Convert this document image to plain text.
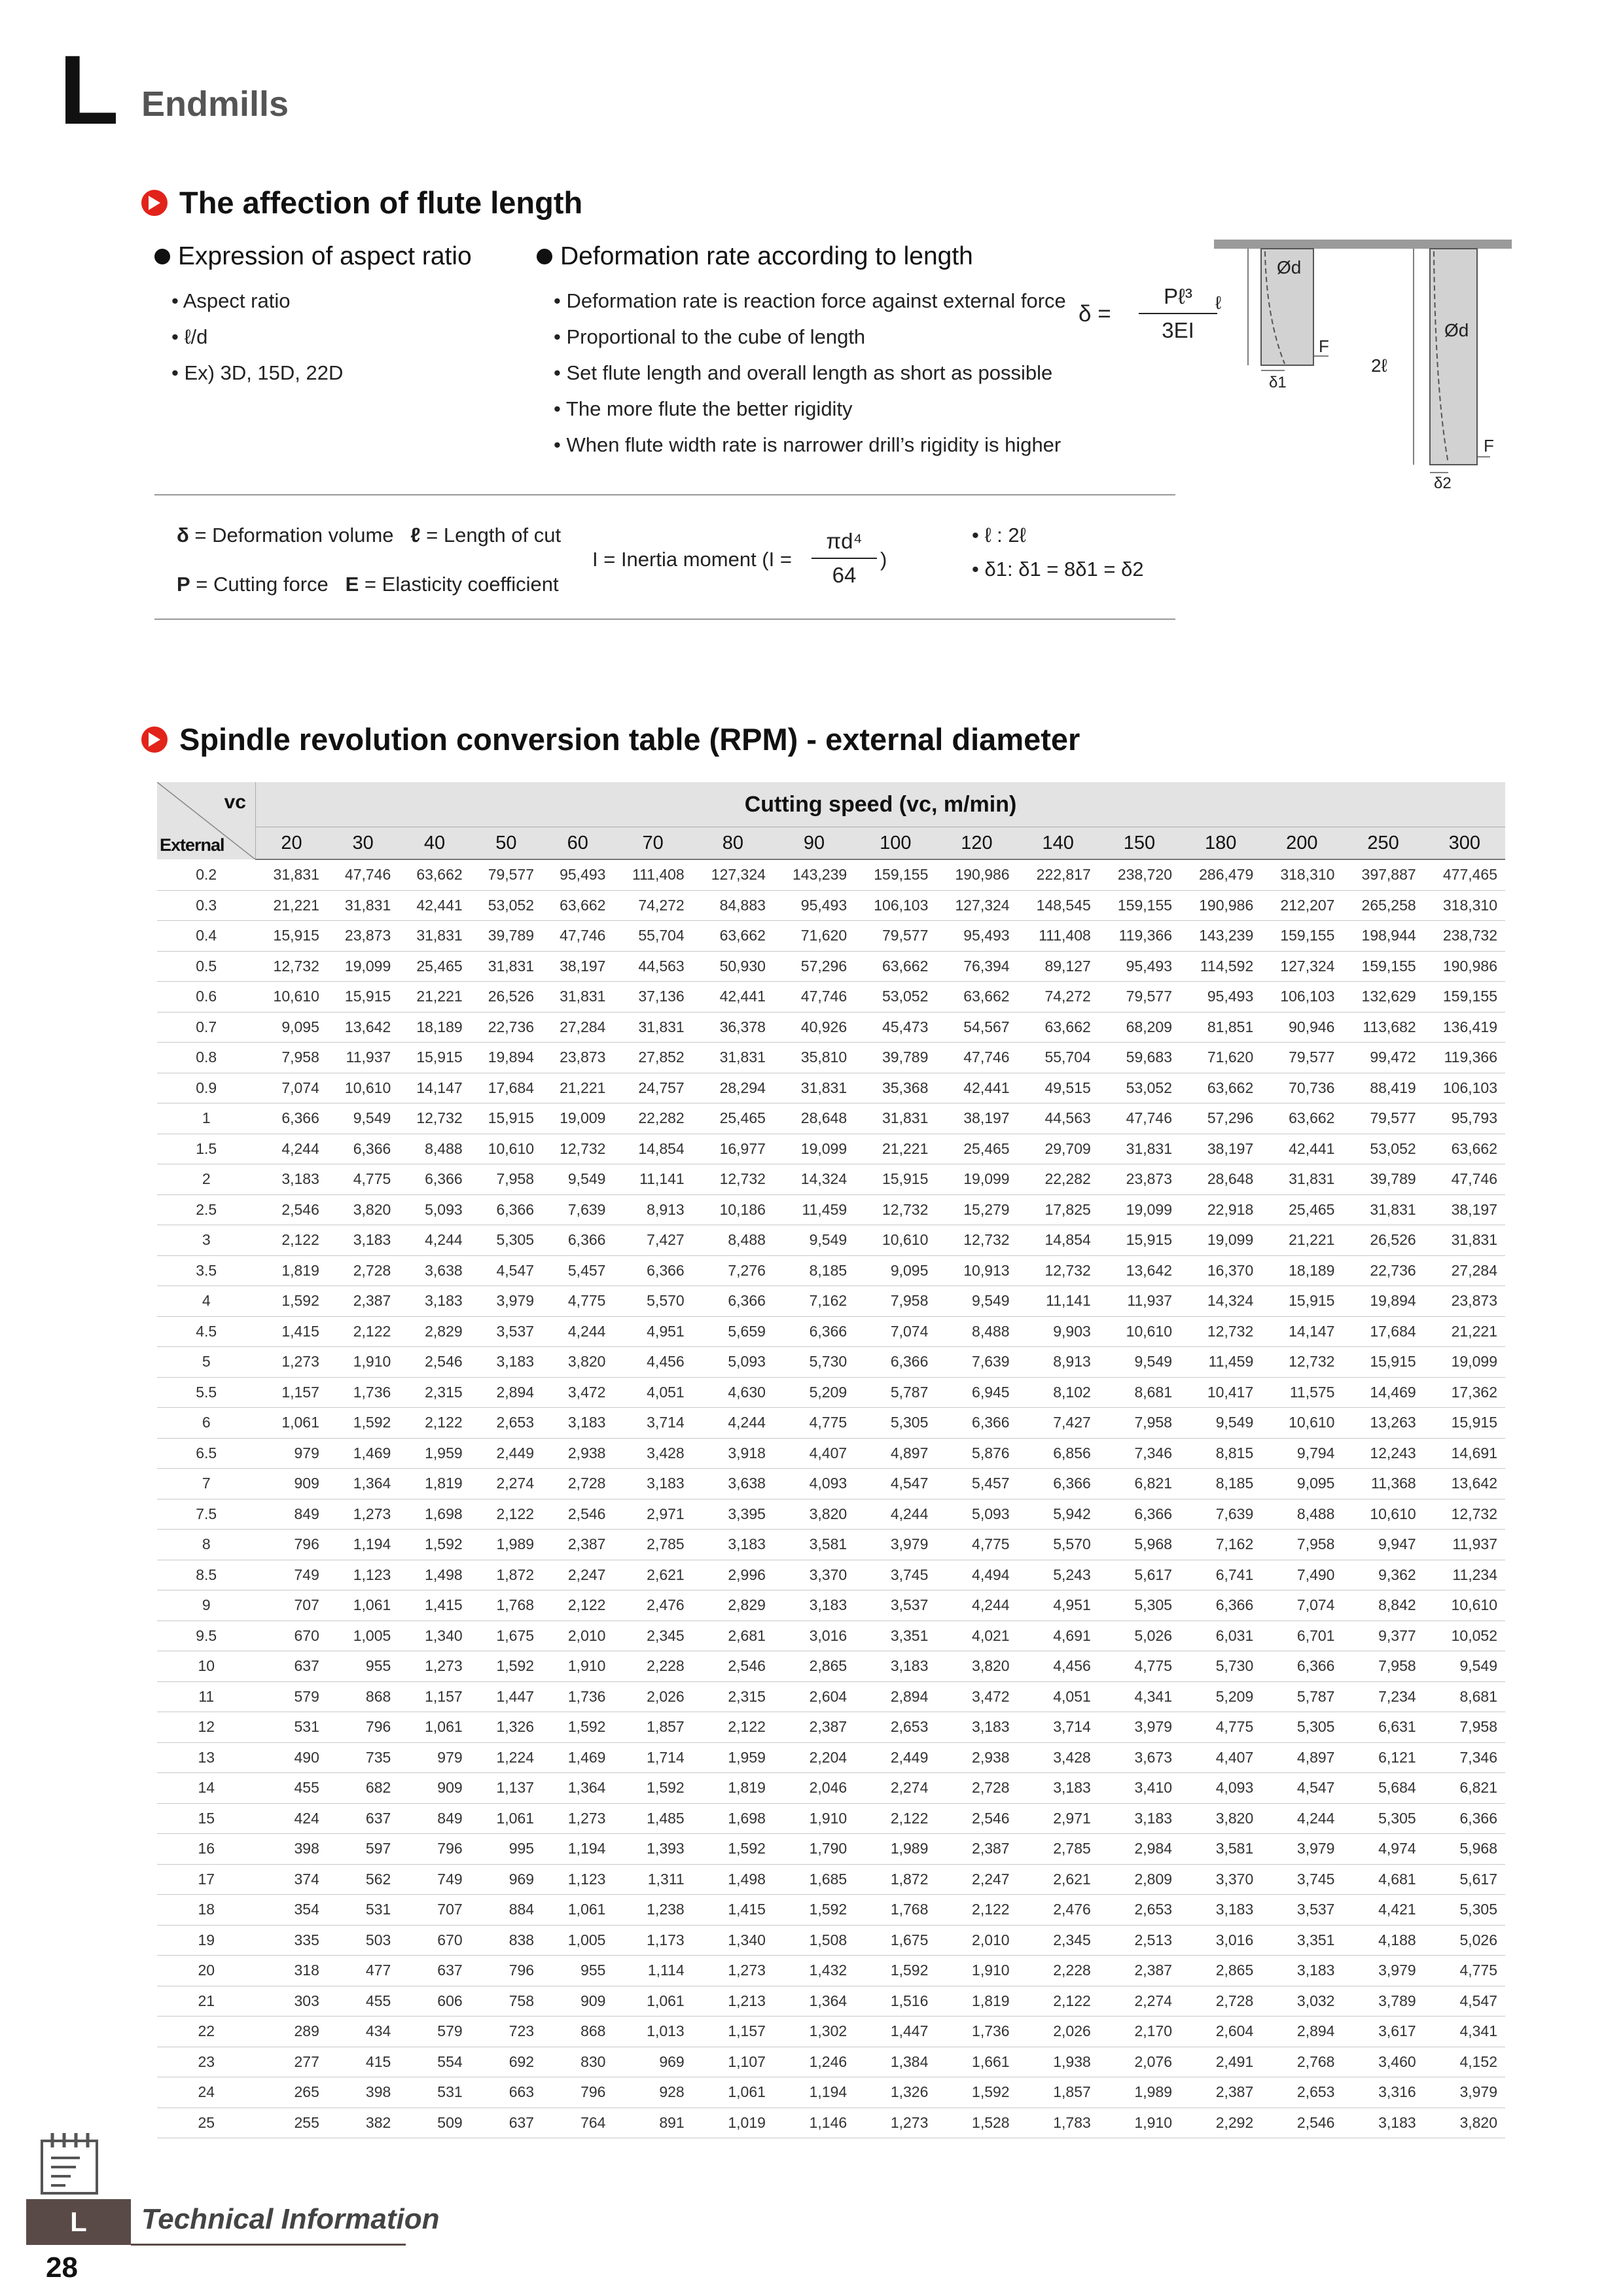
L Endmills
The affection of flute length
Expression of aspect ratio
• Aspect ratio
• ℓ/d
• Ex) 3D, 15D, 22D
Deformation rate according to length
• Deformation rate is reaction force against external force
• Proportional to the cube of length
• Set flute length and overall length as short as possible
• The more flute the better rigidity
• When flute width rate is narrower drill’s rigidity is higher
δ =
Pℓ³
3EI
Ød
Ød
ℓ
2ℓ
F
F
δ1
δ2
δ = Deformation volume ℓ = Length of cut
P = Cutting force E = Elasticity coefficient
I = Inertia moment (I =
πd⁴
64
)
• ℓ : 2ℓ
• δ1: δ1 = 8δ1 = δ2
Spindle revolution conversion table (RPM) - external diameter
vc
External	Cutting speed (vc, m/min)															
	20	30	40	50	60	70	80	90	100	120	140	150	180	200	250	300
0.2	31,831	47,746	63,662	79,577	95,493	111,408	127,324	143,239	159,155	190,986	222,817	238,720	286,479	318,310	397,887	477,465
0.3	21,221	31,831	42,441	53,052	63,662	74,272	84,883	95,493	106,103	127,324	148,545	159,155	190,986	212,207	265,258	318,310
0.4	15,915	23,873	31,831	39,789	47,746	55,704	63,662	71,620	79,577	95,493	111,408	119,366	143,239	159,155	198,944	238,732
0.5	12,732	19,099	25,465	31,831	38,197	44,563	50,930	57,296	63,662	76,394	89,127	95,493	114,592	127,324	159,155	190,986
0.6	10,610	15,915	21,221	26,526	31,831	37,136	42,441	47,746	53,052	63,662	74,272	79,577	95,493	106,103	132,629	159,155
0.7	9,095	13,642	18,189	22,736	27,284	31,831	36,378	40,926	45,473	54,567	63,662	68,209	81,851	90,946	113,682	136,419
0.8	7,958	11,937	15,915	19,894	23,873	27,852	31,831	35,810	39,789	47,746	55,704	59,683	71,620	79,577	99,472	119,366
0.9	7,074	10,610	14,147	17,684	21,221	24,757	28,294	31,831	35,368	42,441	49,515	53,052	63,662	70,736	88,419	106,103
1	6,366	9,549	12,732	15,915	19,009	22,282	25,465	28,648	31,831	38,197	44,563	47,746	57,296	63,662	79,577	95,793
1.5	4,244	6,366	8,488	10,610	12,732	14,854	16,977	19,099	21,221	25,465	29,709	31,831	38,197	42,441	53,052	63,662
2	3,183	4,775	6,366	7,958	9,549	11,141	12,732	14,324	15,915	19,099	22,282	23,873	28,648	31,831	39,789	47,746
2.5	2,546	3,820	5,093	6,366	7,639	8,913	10,186	11,459	12,732	15,279	17,825	19,099	22,918	25,465	31,831	38,197
3	2,122	3,183	4,244	5,305	6,366	7,427	8,488	9,549	10,610	12,732	14,854	15,915	19,099	21,221	26,526	31,831
3.5	1,819	2,728	3,638	4,547	5,457	6,366	7,276	8,185	9,095	10,913	12,732	13,642	16,370	18,189	22,736	27,284
4	1,592	2,387	3,183	3,979	4,775	5,570	6,366	7,162	7,958	9,549	11,141	11,937	14,324	15,915	19,894	23,873
4.5	1,415	2,122	2,829	3,537	4,244	4,951	5,659	6,366	7,074	8,488	9,903	10,610	12,732	14,147	17,684	21,221
5	1,273	1,910	2,546	3,183	3,820	4,456	5,093	5,730	6,366	7,639	8,913	9,549	11,459	12,732	15,915	19,099
5.5	1,157	1,736	2,315	2,894	3,472	4,051	4,630	5,209	5,787	6,945	8,102	8,681	10,417	11,575	14,469	17,362
6	1,061	1,592	2,122	2,653	3,183	3,714	4,244	4,775	5,305	6,366	7,427	7,958	9,549	10,610	13,263	15,915
6.5	979	1,469	1,959	2,449	2,938	3,428	3,918	4,407	4,897	5,876	6,856	7,346	8,815	9,794	12,243	14,691
7	909	1,364	1,819	2,274	2,728	3,183	3,638	4,093	4,547	5,457	6,366	6,821	8,185	9,095	11,368	13,642
7.5	849	1,273	1,698	2,122	2,546	2,971	3,395	3,820	4,244	5,093	5,942	6,366	7,639	8,488	10,610	12,732
8	796	1,194	1,592	1,989	2,387	2,785	3,183	3,581	3,979	4,775	5,570	5,968	7,162	7,958	9,947	11,937
8.5	749	1,123	1,498	1,872	2,247	2,621	2,996	3,370	3,745	4,494	5,243	5,617	6,741	7,490	9,362	11,234
9	707	1,061	1,415	1,768	2,122	2,476	2,829	3,183	3,537	4,244	4,951	5,305	6,366	7,074	8,842	10,610
9.5	670	1,005	1,340	1,675	2,010	2,345	2,681	3,016	3,351	4,021	4,691	5,026	6,031	6,701	9,377	10,052
10	637	955	1,273	1,592	1,910	2,228	2,546	2,865	3,183	3,820	4,456	4,775	5,730	6,366	7,958	9,549
11	579	868	1,157	1,447	1,736	2,026	2,315	2,604	2,894	3,472	4,051	4,341	5,209	5,787	7,234	8,681
12	531	796	1,061	1,326	1,592	1,857	2,122	2,387	2,653	3,183	3,714	3,979	4,775	5,305	6,631	7,958
13	490	735	979	1,224	1,469	1,714	1,959	2,204	2,449	2,938	3,428	3,673	4,407	4,897	6,121	7,346
14	455	682	909	1,137	1,364	1,592	1,819	2,046	2,274	2,728	3,183	3,410	4,093	4,547	5,684	6,821
15	424	637	849	1,061	1,273	1,485	1,698	1,910	2,122	2,546	2,971	3,183	3,820	4,244	5,305	6,366
16	398	597	796	995	1,194	1,393	1,592	1,790	1,989	2,387	2,785	2,984	3,581	3,979	4,974	5,968
17	374	562	749	969	1,123	1,311	1,498	1,685	1,872	2,247	2,621	2,809	3,370	3,745	4,681	5,617
18	354	531	707	884	1,061	1,238	1,415	1,592	1,768	2,122	2,476	2,653	3,183	3,537	4,421	5,305
19	335	503	670	838	1,005	1,173	1,340	1,508	1,675	2,010	2,345	2,513	3,016	3,351	4,188	5,026
20	318	477	637	796	955	1,114	1,273	1,432	1,592	1,910	2,228	2,387	2,865	3,183	3,979	4,775
21	303	455	606	758	909	1,061	1,213	1,364	1,516	1,819	2,122	2,274	2,728	3,032	3,789	4,547
22	289	434	579	723	868	1,013	1,157	1,302	1,447	1,736	2,026	2,170	2,604	2,894	3,617	4,341
23	277	415	554	692	830	969	1,107	1,246	1,384	1,661	1,938	2,076	2,491	2,768	3,460	4,152
24	265	398	531	663	796	928	1,061	1,194	1,326	1,592	1,857	1,989	2,387	2,653	3,316	3,979
25	255	382	509	637	764	891	1,019	1,146	1,273	1,528	1,783	1,910	2,292	2,546	3,183	3,820
L	Technical Information
28
